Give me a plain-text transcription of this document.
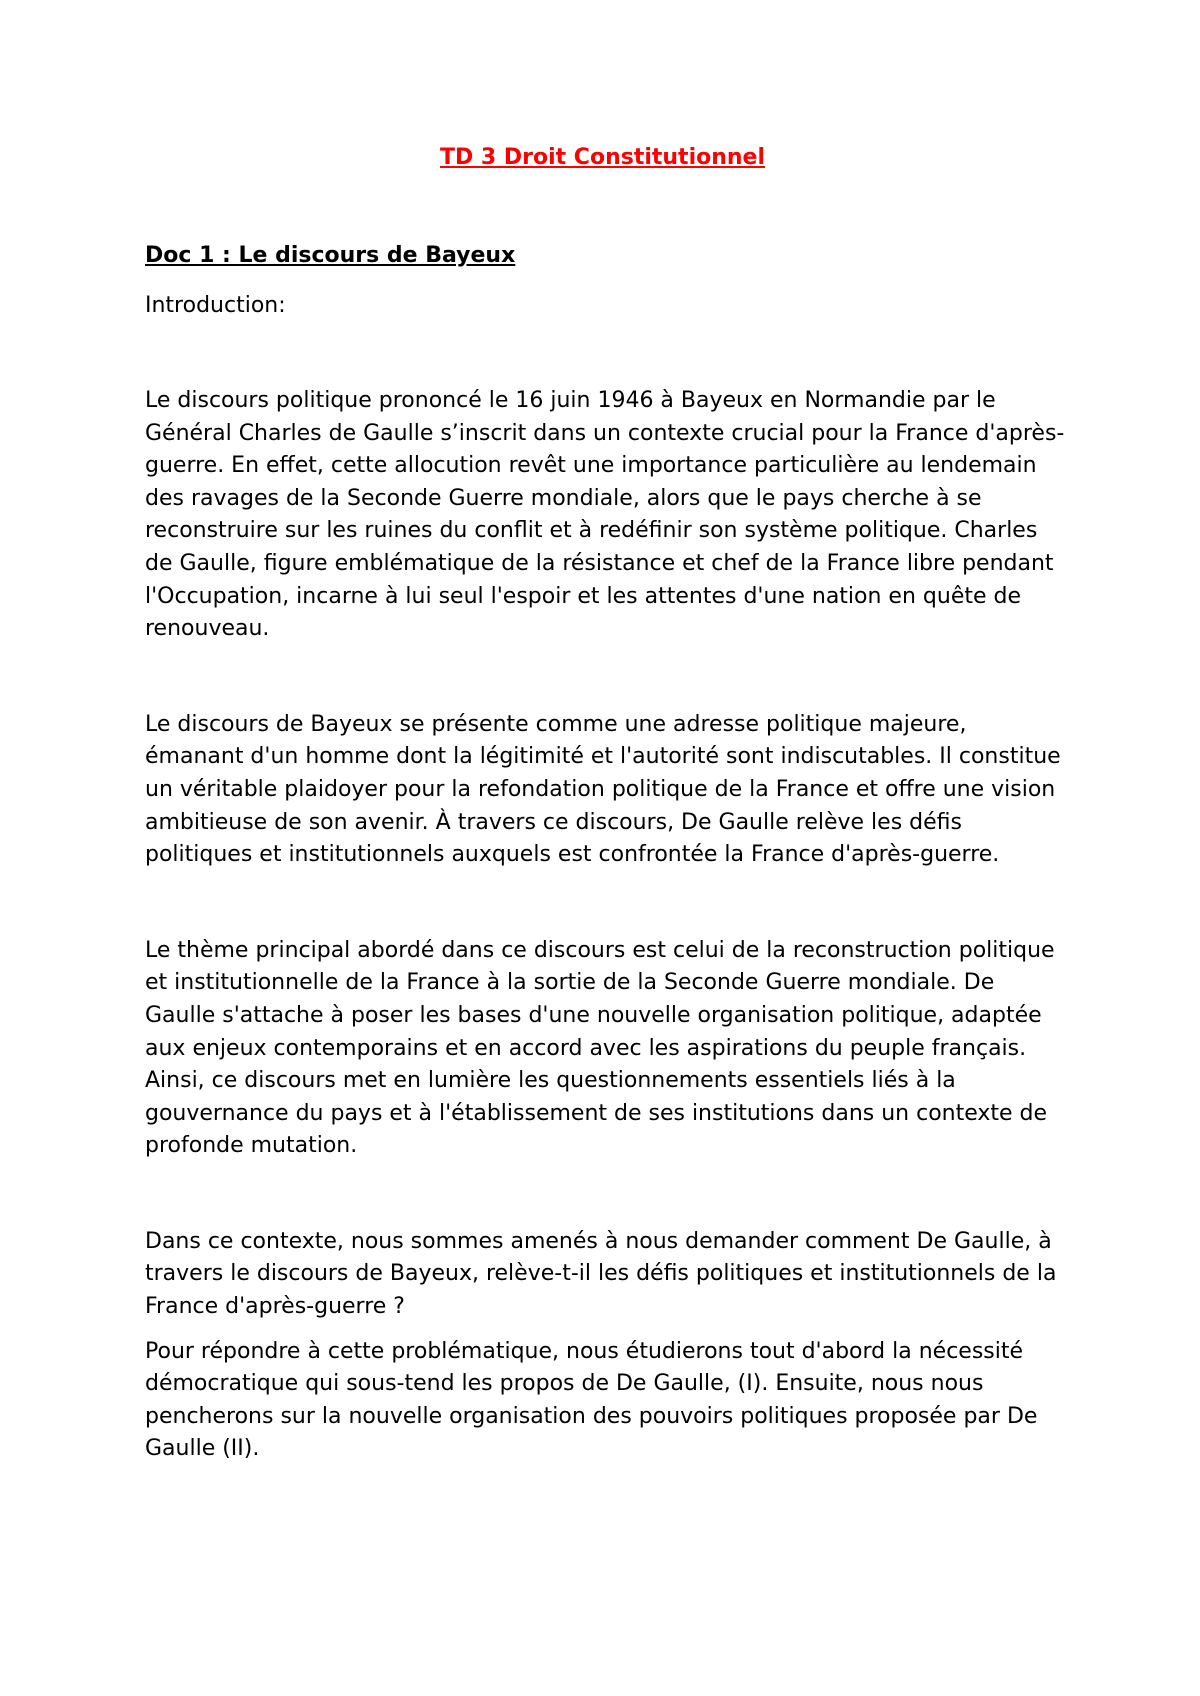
TD 3 Droit Constitutionnel
Doc 1 : Le discours de Bayeux

Introduction:

Le discours politique prononcé le 16 juin 1946 à Bayeux en Normandie par le Général Charles de Gaulle s’inscrit dans un contexte crucial pour la France d'après-guerre. En effet, cette allocution revêt une importance particulière au lendemain des ravages de la Seconde Guerre mondiale, alors que le pays cherche à se reconstruire sur les ruines du conflit et à redéfinir son système politique. Charles de Gaulle, figure emblématique de la résistance et chef de la France libre pendant l'Occupation, incarne à lui seul l'espoir et les attentes d'une nation en quête de renouveau.

Le discours de Bayeux se présente comme une adresse politique majeure, émanant d'un homme dont la légitimité et l'autorité sont indiscutables. Il constitue un véritable plaidoyer pour la refondation politique de la France et offre une vision ambitieuse de son avenir. À travers ce discours, De Gaulle relève les défis politiques et institutionnels auxquels est confrontée la France d'après-guerre.

Le thème principal abordé dans ce discours est celui de la reconstruction politique et institutionnelle de la France à la sortie de la Seconde Guerre mondiale. De Gaulle s'attache à poser les bases d'une nouvelle organisation politique, adaptée aux enjeux contemporains et en accord avec les aspirations du peuple français. Ainsi, ce discours met en lumière les questionnements essentiels liés à la gouvernance du pays et à l'établissement de ses institutions dans un contexte de profonde mutation.

Dans ce contexte, nous sommes amenés à nous demander comment De Gaulle, à travers le discours de Bayeux, relève-t-il les défis politiques et institutionnels de la France d'après-guerre ?

Pour répondre à cette problématique, nous étudierons tout d'abord la nécessité démocratique qui sous-tend les propos de De Gaulle, (I). Ensuite, nous nous pencherons sur la nouvelle organisation des pouvoirs politiques proposée par De Gaulle (II).
